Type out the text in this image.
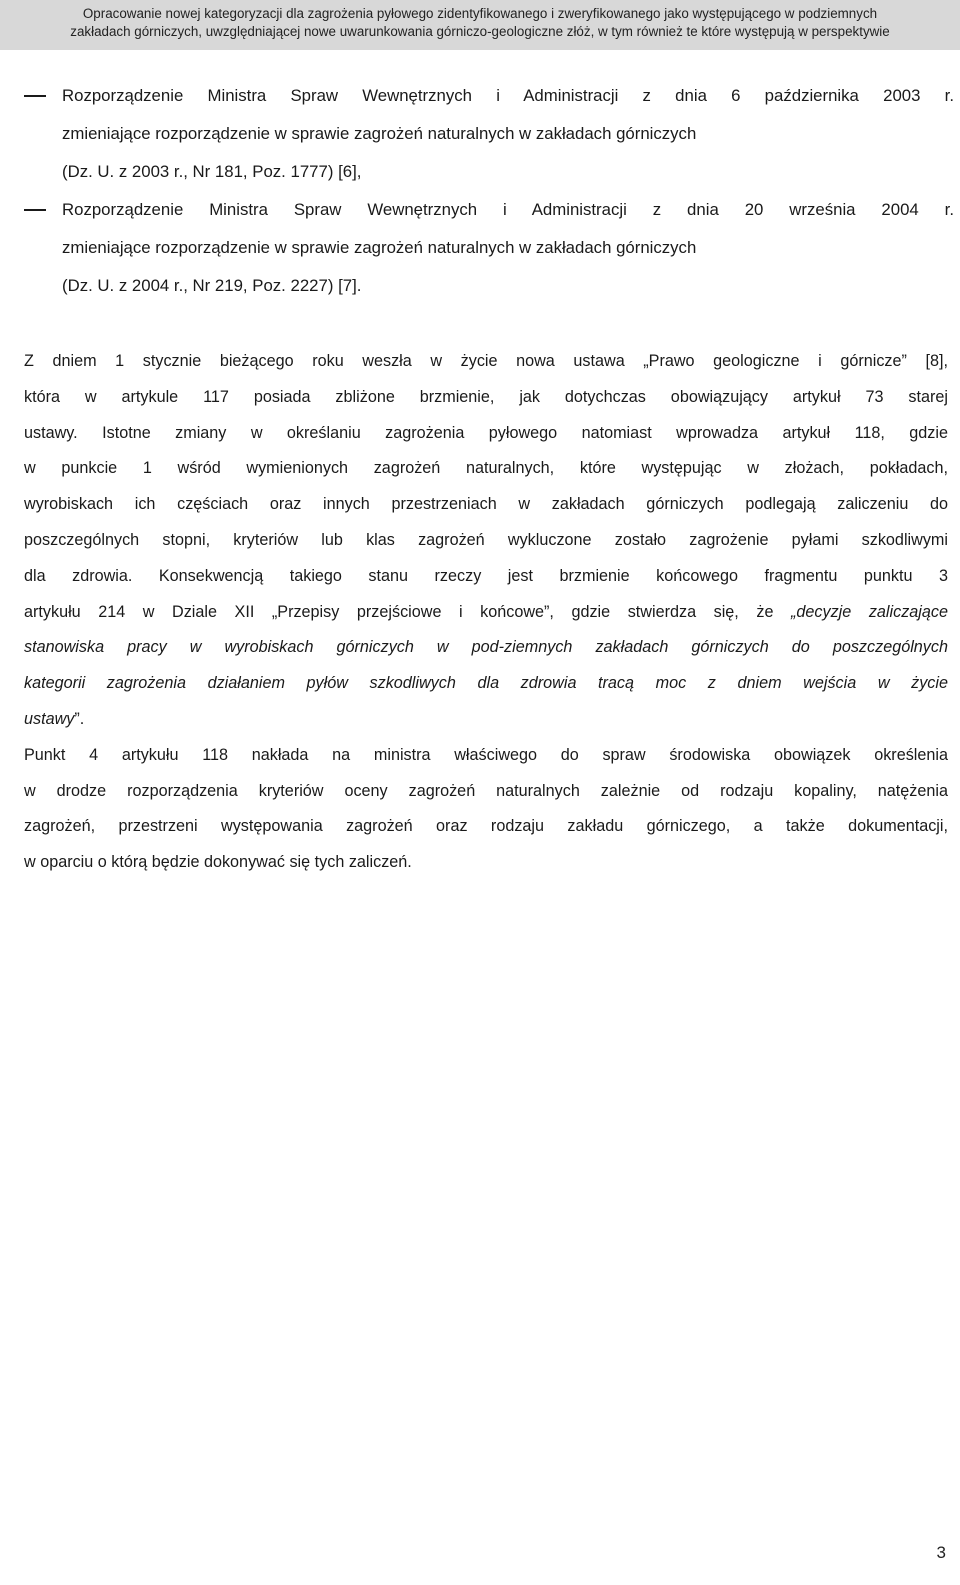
Opracowanie nowej kategoryzacji dla zagrożenia pyłowego zidentyfikowanego i zweryfikowanego jako występującego w podziemnych
zakładach górniczych, uwzględniającej nowe uwarunkowania górniczo-geologiczne złóż, w tym również te które występują w perspektywie
Rozporządzenie Ministra Spraw Wewnętrznych i Administracji z dnia 6 października 2003 r.
zmieniające rozporządzenie w sprawie zagrożeń naturalnych w zakładach górniczych
(Dz. U. z 2003 r., Nr 181, Poz. 1777) [6],
Rozporządzenie Ministra Spraw Wewnętrznych i Administracji z dnia 20 września 2004 r.
zmieniające rozporządzenie w sprawie zagrożeń naturalnych w zakładach górniczych
(Dz. U. z 2004 r., Nr 219, Poz. 2227) [7].
Z dniem 1 stycznie bieżącego roku weszła w życie nowa ustawa „Prawo geologiczne i górnicze” [8],
która w artykule 117 posiada zbliżone brzmienie, jak dotychczas obowiązujący artykuł 73 starej
ustawy. Istotne zmiany w określaniu zagrożenia pyłowego natomiast wprowadza artykuł 118, gdzie
w punkcie 1 wśród wymienionych zagrożeń naturalnych, które występując w złożach, pokładach,
wyrobiskach ich częściach oraz innych przestrzeniach w zakładach górniczych podlegają zaliczeniu do
poszczególnych stopni, kryteriów lub klas zagrożeń wykluczone zostało zagrożenie pyłami szkodliwymi
dla zdrowia. Konsekwencją takiego stanu rzeczy jest brzmienie końcowego fragmentu punktu 3
artykułu 214 w Dziale XII „Przepisy przejściowe i końcowe”, gdzie stwierdza się, że „decyzje zaliczające
stanowiska pracy w wyrobiskach górniczych w pod-ziemnych zakładach górniczych do poszczególnych
kategorii zagrożenia działaniem pyłów szkodliwych dla zdrowia tracą moc z dniem wejścia w życie
ustawy”.
Punkt 4 artykułu 118 nakłada na ministra właściwego do spraw środowiska obowiązek określenia
w drodze rozporządzenia kryteriów oceny zagrożeń naturalnych zależnie od rodzaju kopaliny, natężenia
zagrożeń, przestrzeni występowania zagrożeń oraz rodzaju zakładu górniczego, a także dokumentacji,
w oparciu o którą będzie dokonywać się tych zaliczeń.
3
